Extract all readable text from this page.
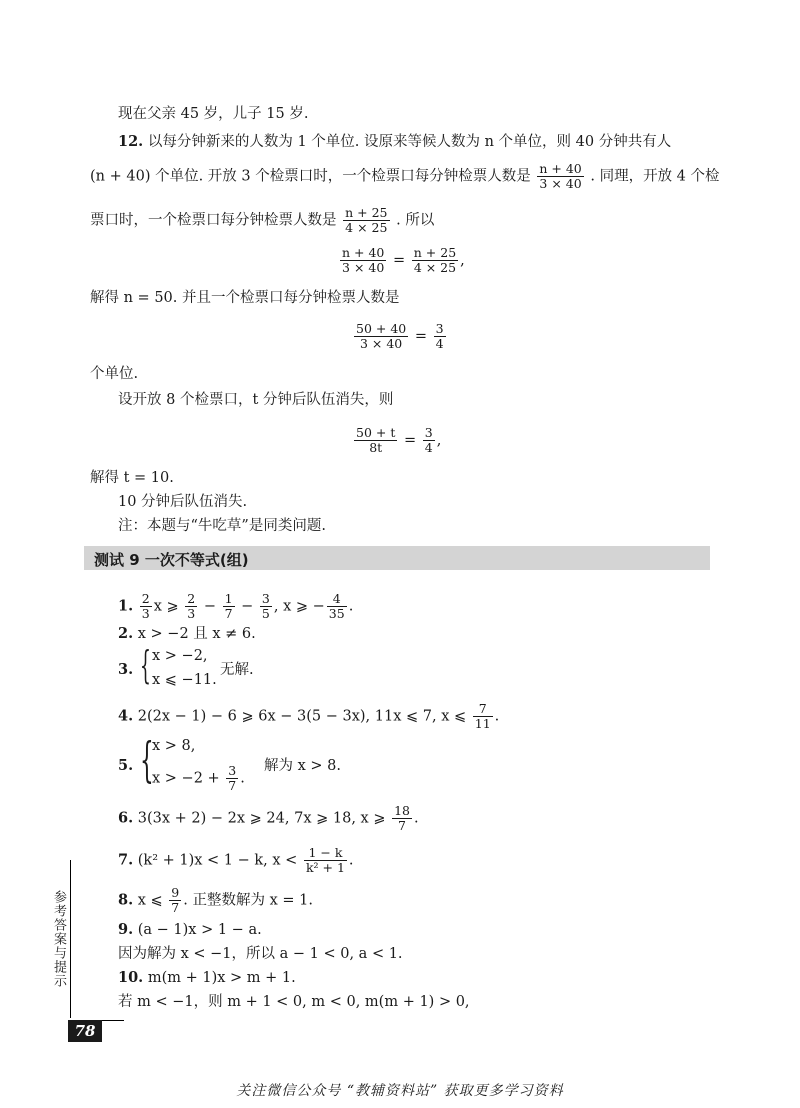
现在父亲 45 岁，儿子 15 岁.
12. 以每分钟新来的人数为 1 个单位. 设原来等候人数为 n 个单位，则 40 分钟共有人
(n + 40) 个单位. 开放 3 个检票口时，一个检票口每分钟检票人数是 $\frac{n + 40}{3 \times 40}$ . 同理，开放 4 个检
票口时，一个检票口每分钟检票人数是 $\frac{n + 25}{4 \times 25}$ . 所以
$\frac{n + 40}{3 \times 40} = \frac{n + 25}{4 \times 25}$ ,
解得 n = 50. 并且一个检票口每分钟检票人数是
$\frac{50 + 40}{3 \times 40} = \frac{3}{4}$
个单位.
设开放 8 个检票口，t 分钟后队伍消失，则
$\frac{50 + t}{8t} = \frac{3}{4}$ ,
解得 t = 10.
10 分钟后队伍消失.
注：本题与“牛吃草”是同类问题.
测试 9 一次不等式(组)
1. $\frac{2}{3}$ x ⩾ $\frac{2}{3} - \frac{1}{7} - \frac{3}{5}$ , x ⩾ − $\frac{4}{35}$ .
2. x > −2 且 x ≠ 6.
3. { x > −2,
x ⩽ −11.
无解.
4. 2(2x − 1) − 6 ⩾ 6x − 3(5 − 3x), 11x ⩽ 7, x ⩽ $\frac{7}{11}$ .
5. {
x > 8,
$x > -2 + \frac{3}{7}$ .
解为 x > 8.
6. 3(3x + 2) − 2x ⩾ 24, 7x ⩾ 18, x ⩾ $\frac{18}{7}$ .
7. (k² + 1)x < 1 − k, $x < \frac{1 - k}{\text{k² + 1}}$ .
8. x ⩽ $\frac{9}{7}$ . 正整数解为 x = 1.
9. (a − 1)x > 1 − a.
因为解为 x < −1，所以 a − 1 < 0, a < 1.
10. m(m + 1)x > m + 1.
若 m < −1，则 m + 1 < 0, m < 0, m(m + 1) > 0,
参考答案与提示
78
关注微信公众号 “教辅资料站” 获取更多学习资料
